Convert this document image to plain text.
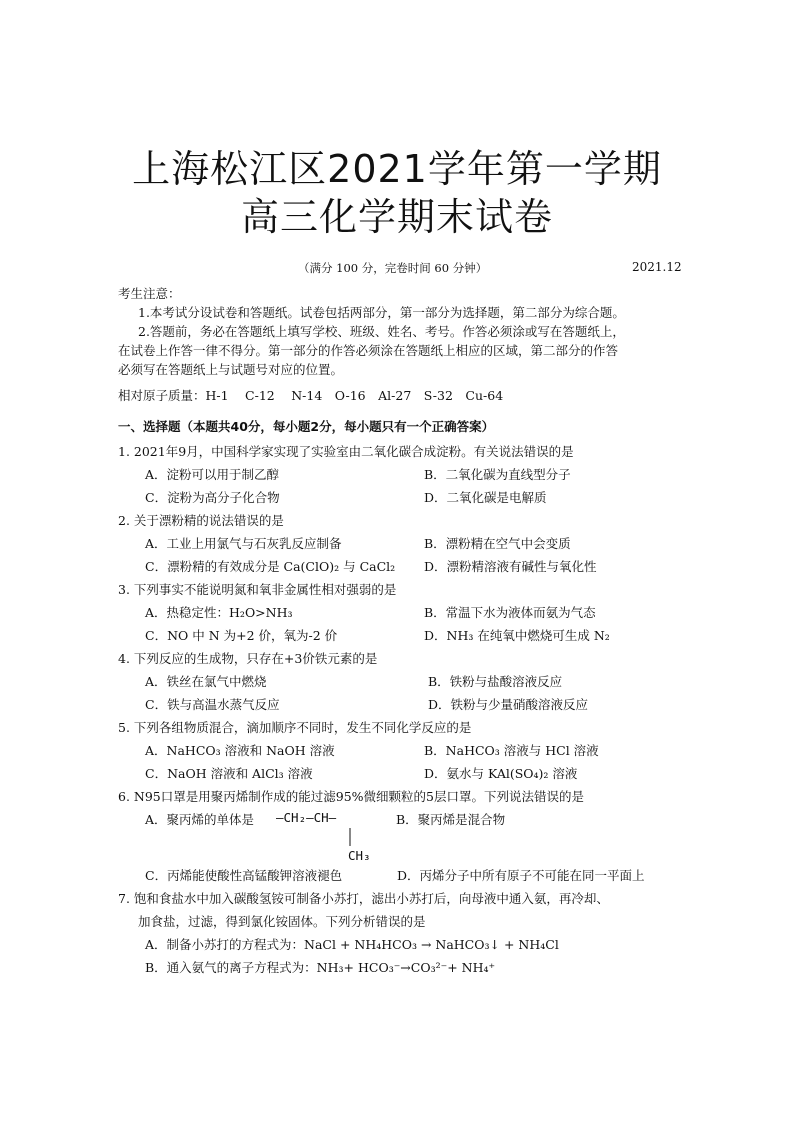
上海松江区2021学年第一学期
高三化学期末试卷
（满分 100 分，完卷时间 60 分钟）	2021.12
考生注意：
1.本考试分设试卷和答题纸。试卷包括两部分，第一部分为选择题，第二部分为综合题。
2.答题前，务必在答题纸上填写学校、班级、姓名、考号。作答必须涂或写在答题纸上，
在试卷上作答一律不得分。第一部分的作答必须涂在答题纸上相应的区域，第二部分的作答
必须写在答题纸上与试题号对应的位置。
相对原子质量：H-1　 C-12　 N-14　O-16　Al-27　S-32　Cu-64
一、选择题（本题共40分，每小题2分，每小题只有一个正确答案）
1. 2021年9月，中国科学家实现了实验室由二氧化碳合成淀粉。有关说法错误的是
A．淀粉可以用于制乙醇	B．二氧化碳为直线型分子
C．淀粉为高分子化合物	D．二氧化碳是电解质
2. 关于漂粉精的说法错误的是
A．工业上用氯气与石灰乳反应制备	B．漂粉精在空气中会变质
C．漂粉精的有效成分是 Ca(ClO)₂ 与 CaCl₂ D．漂粉精溶液有碱性与氧化性
3. 下列事实不能说明氮和氧非金属性相对强弱的是
A．热稳定性：H₂O>NH₃	B．常温下水为液体而氨为气态
C．NO 中 N 为+2 价，氧为-2 价	D．NH₃ 在纯氧中燃烧可生成 N₂
4. 下列反应的生成物，只存在+3价铁元素的是
A．铁丝在氯气中燃烧	B．铁粉与盐酸溶液反应
C．铁与高温水蒸气反应	D．铁粉与少量硝酸溶液反应
5. 下列各组物质混合，滴加顺序不同时，发生不同化学反应的是
A．NaHCO₃ 溶液和 NaOH 溶液	B．NaHCO₃ 溶液与 HCl 溶液
C．NaOH 溶液和 AlCl₃ 溶液	D．氨水与 KAl(SO₄)₂ 溶液
6. N95口罩是用聚丙烯制作成的能过滤95%微细颗粒的5层口罩。下列说法错误的是
A．聚丙烯的单体是 —CH₂—CH—
CH₃
B．聚丙烯是混合物
C．丙烯能使酸性高锰酸钾溶液褪色	D．丙烯分子中所有原子不可能在同一平面上
7. 饱和食盐水中加入碳酸氢铵可制备小苏打，滤出小苏打后，向母液中通入氨，再冷却、
加食盐，过滤，得到氯化铵固体。下列分析错误的是
A．制备小苏打的方程式为：NaCl + NH₄HCO₃ → NaHCO₃↓ + NH₄Cl
B．通入氨气的离子方程式为：NH₃+ HCO₃⁻→CO₃²⁻+ NH₄⁺
